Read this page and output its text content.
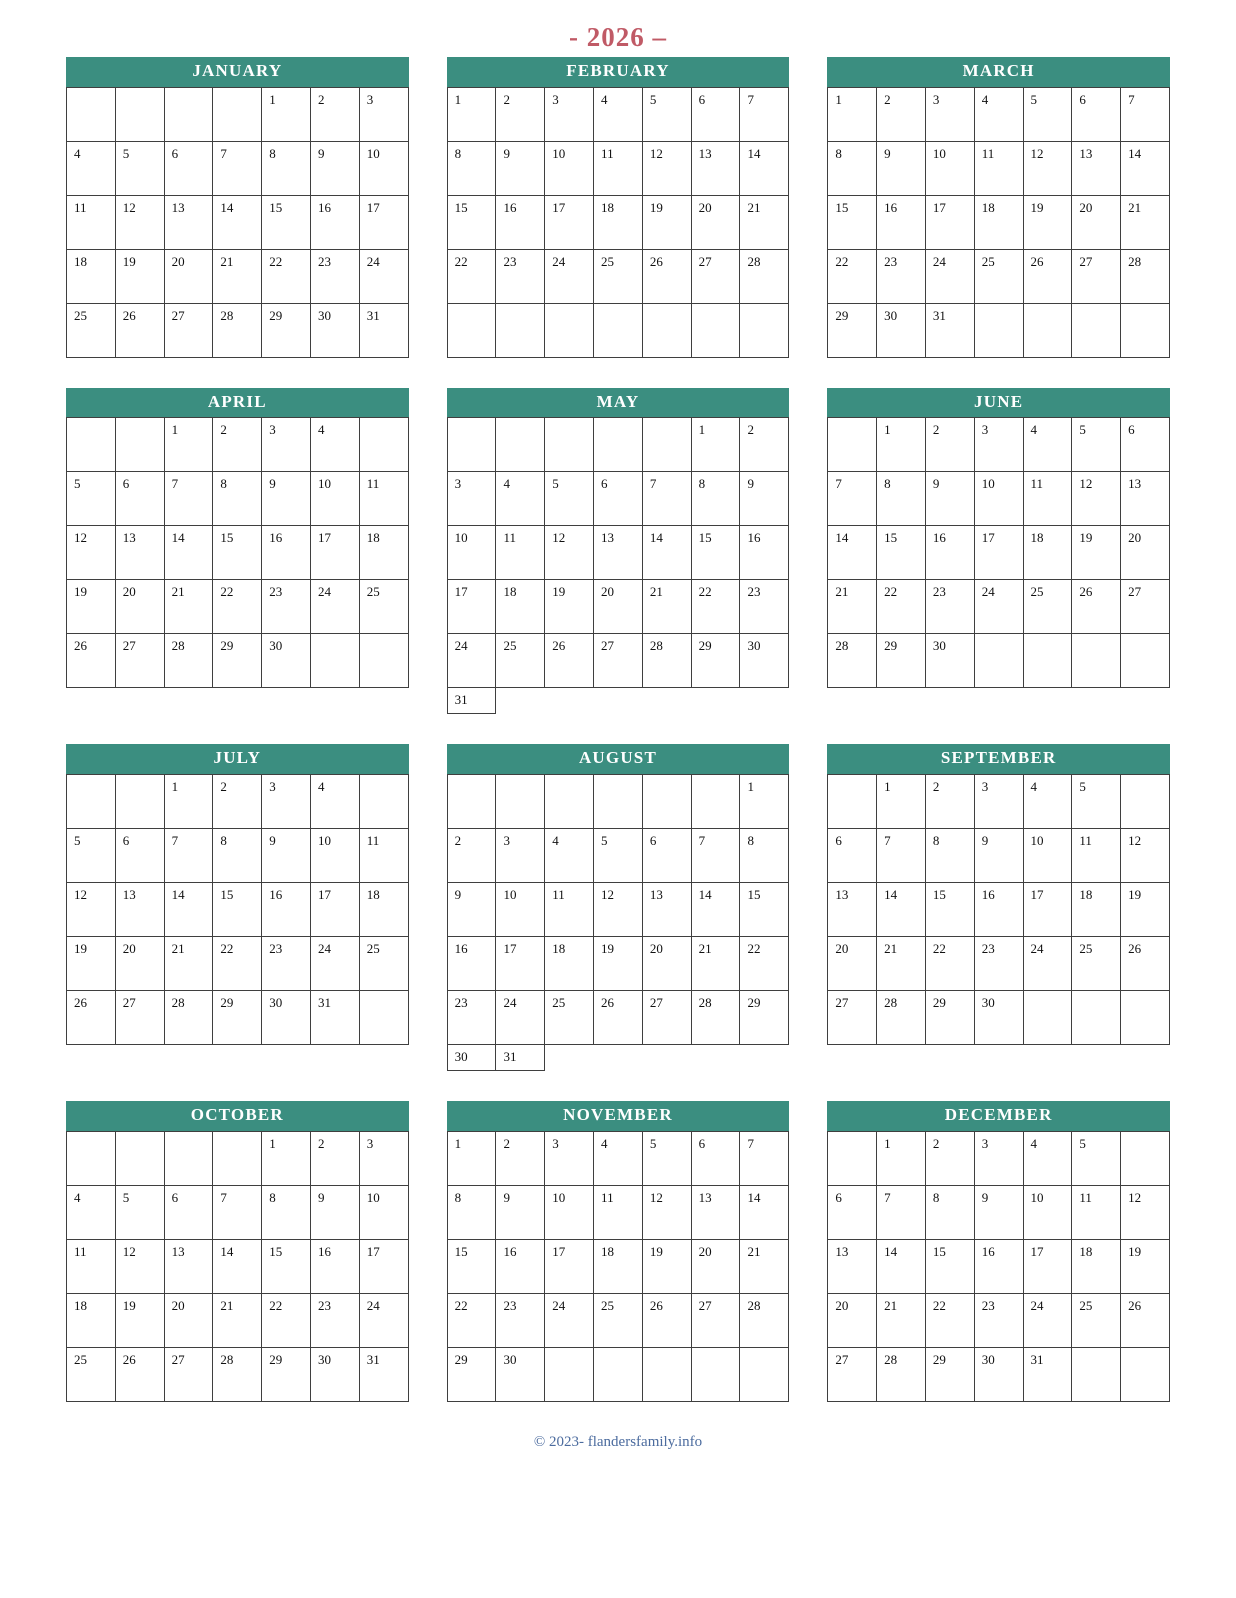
- 2026 –
JANUARY
				1	2	3
4	5	6	7	8	9	10
11	12	13	14	15	16	17
18	19	20	21	22	23	24
25	26	27	28	29	30	31
FEBRUARY
1	2	3	4	5	6	7
8	9	10	11	12	13	14
15	16	17	18	19	20	21
22	23	24	25	26	27	28

MARCH
1	2	3	4	5	6	7
8	9	10	11	12	13	14
15	16	17	18	19	20	21
22	23	24	25	26	27	28
29	30	31				
APRIL
		1	2	3	4	
5	6	7	8	9	10	11
12	13	14	15	16	17	18
19	20	21	22	23	24	25
26	27	28	29	30		
MAY
					1	2
3	4	5	6	7	8	9
10	11	12	13	14	15	16
17	18	19	20	21	22	23
24	25	26	27	28	29	30
31						
JUNE
	1	2	3	4	5	6
7	8	9	10	11	12	13
14	15	16	17	18	19	20
21	22	23	24	25	26	27
28	29	30				
JULY
		1	2	3	4	
5	6	7	8	9	10	11
12	13	14	15	16	17	18
19	20	21	22	23	24	25
26	27	28	29	30	31	
AUGUST
						1
2	3	4	5	6	7	8
9	10	11	12	13	14	15
16	17	18	19	20	21	22
23	24	25	26	27	28	29
30	31					
SEPTEMBER
	1	2	3	4	5	
6	7	8	9	10	11	12
13	14	15	16	17	18	19
20	21	22	23	24	25	26
27	28	29	30			
OCTOBER
				1	2	3
4	5	6	7	8	9	10
11	12	13	14	15	16	17
18	19	20	21	22	23	24
25	26	27	28	29	30	31
NOVEMBER
1	2	3	4	5	6	7
8	9	10	11	12	13	14
15	16	17	18	19	20	21
22	23	24	25	26	27	28
29	30					
DECEMBER
	1	2	3	4	5	
6	7	8	9	10	11	12
13	14	15	16	17	18	19
20	21	22	23	24	25	26
27	28	29	30	31		
© 2023- flandersfamily.info
